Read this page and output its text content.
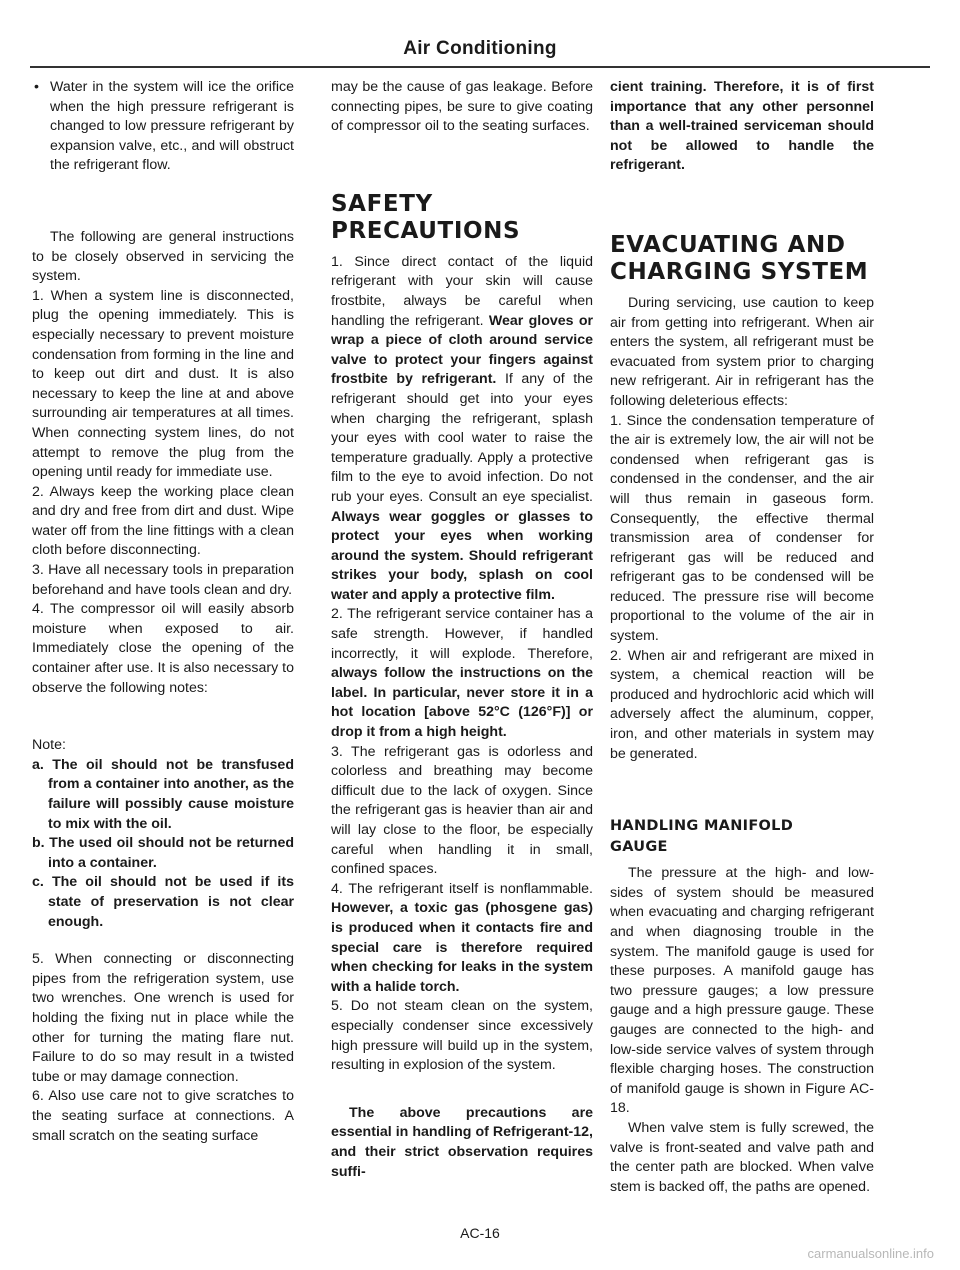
Air Conditioning

• Water in the system will ice the orifice when the high pressure refrigerant is changed to low pressure refrigerant by expansion valve, etc., and will obstruct the refrigerant flow.

The following are general instructions to be closely observed in servicing the system.

1. When a system line is disconnected, plug the opening immediately. This is especially necessary to prevent moisture condensation from forming in the line and to keep out dirt and dust. It is also necessary to keep the line at and above surrounding air temperatures at all times. When connecting system lines, do not attempt to remove the plug from the opening until ready for immediate use.

2. Always keep the working place clean and dry and free from dirt and dust. Wipe water off from the line fittings with a clean cloth before disconnecting.

3. Have all necessary tools in preparation beforehand and have tools clean and dry.

4. The compressor oil will easily absorb moisture when exposed to air. Immediately close the opening of the container after use. It is also necessary to observe the following notes:

Note:

a. The oil should not be transfused from a container into another, as the failure will possibly cause moisture to mix with the oil.

b. The used oil should not be returned into a container.

c. The oil should not be used if its state of preservation is not clear enough.

5. When connecting or disconnecting pipes from the refrigeration system, use two wrenches. One wrench is used for holding the fixing nut in place while the other for turning the mating flare nut. Failure to do so may result in a twisted tube or may damage connection.

6. Also use care not to give scratches to the seating surface at connections. A small scratch on the seating surface

may be the cause of gas leakage. Before connecting pipes, be sure to give coating of compressor oil to the seating surfaces.

SAFETY
PRECAUTIONS

1. Since direct contact of the liquid refrigerant with your skin will cause frostbite, always be careful when handling the refrigerant. Wear gloves or wrap a piece of cloth around service valve to protect your fingers against frostbite by refrigerant. If any of the refrigerant should get into your eyes when charging the refrigerant, splash your eyes with cool water to raise the temperature gradually. Apply a protective film to the eye to avoid infection. Do not rub your eyes. Consult an eye specialist. Always wear goggles or glasses to protect your eyes when working around the system. Should refrigerant strikes your body, splash on cool water and apply a protective film.

2. The refrigerant service container has a safe strength. However, if handled incorrectly, it will explode. Therefore, always follow the instructions on the label. In particular, never store it in a hot location [above 52°C (126°F)] or drop it from a high height.

3. The refrigerant gas is odorless and colorless and breathing may become difficult due to the lack of oxygen. Since the refrigerant gas is heavier than air and will lay close to the floor, be especially careful when handling it in small, confined spaces.

4. The refrigerant itself is nonflammable. However, a toxic gas (phosgene gas) is produced when it contacts fire and special care is therefore required when checking for leaks in the system with a halide torch.

5. Do not steam clean on the system, especially condenser since excessively high pressure will build up in the system, resulting in explosion of the system.

The above precautions are essential in handling of Refrigerant-12, and their strict observation requires suffi-

cient training. Therefore, it is of first importance that any other personnel than a well-trained serviceman should not be allowed to handle the refrigerant.

EVACUATING AND
CHARGING SYSTEM

During servicing, use caution to keep air from getting into refrigerant. When air enters the system, all refrigerant must be evacuated from system prior to charging new refrigerant. Air in refrigerant has the following deleterious effects:

1. Since the condensation temperature of the air is extremely low, the air will not be condensed when refrigerant gas is condensed in the condenser, and the air will thus remain in gaseous form. Consequently, the effective thermal transmission area of condenser for refrigerant gas will be reduced and refrigerant gas to be condensed will be reduced. The pressure rise will become proportional to the volume of the air in system.

2. When air and refrigerant are mixed in system, a chemical reaction will be produced and hydrochloric acid which will adversely affect the aluminum, copper, iron, and other materials in system may be generated.

HANDLING MANIFOLD
GAUGE

The pressure at the high- and low-sides of system should be measured when evacuating and charging refrigerant and when diagnosing trouble in the system. The manifold gauge is used for these purposes. A manifold gauge has two pressure gauges; a low pressure gauge and a high pressure gauge. These gauges are connected to the high- and low-side service valves of system through flexible charging hoses. The construction of manifold gauge is shown in Figure AC-18.

When valve stem is fully screwed, the valve is front-seated and valve path and the center path are blocked. When valve stem is backed off, the paths are opened.

AC-16
carmanualsonline.info
